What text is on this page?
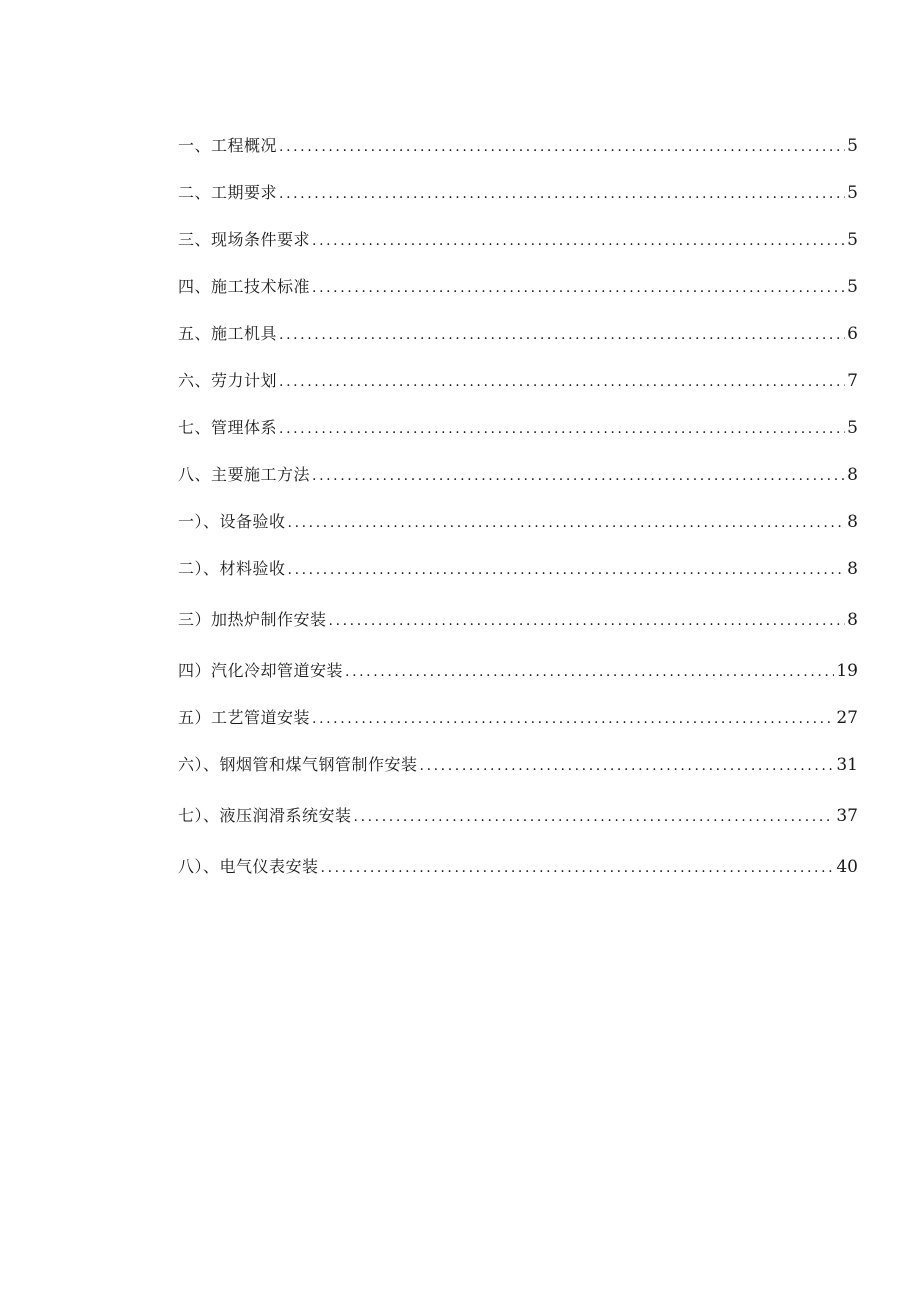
一、工程概况 .....	5
二、工期要求 .....	5
三、现场条件要求 .....	5
四、施工技术标准 .....	5
五、施工机具 .....	6
六、劳力计划 .....	7
七、管理体系 .....	5
八、主要施工方法 .....	8
一）、设备验收 .....	8
二）、材料验收 .....	8
三）加热炉制作安装 .....	8
四）汽化冷却管道安装 .....	19
五）工艺管道安装 .....	27
六）、钢烟管和煤气钢管制作安装 .....	31
七）、液压润滑系统安装 .....	37
八）、电气仪表安装 .....	40
